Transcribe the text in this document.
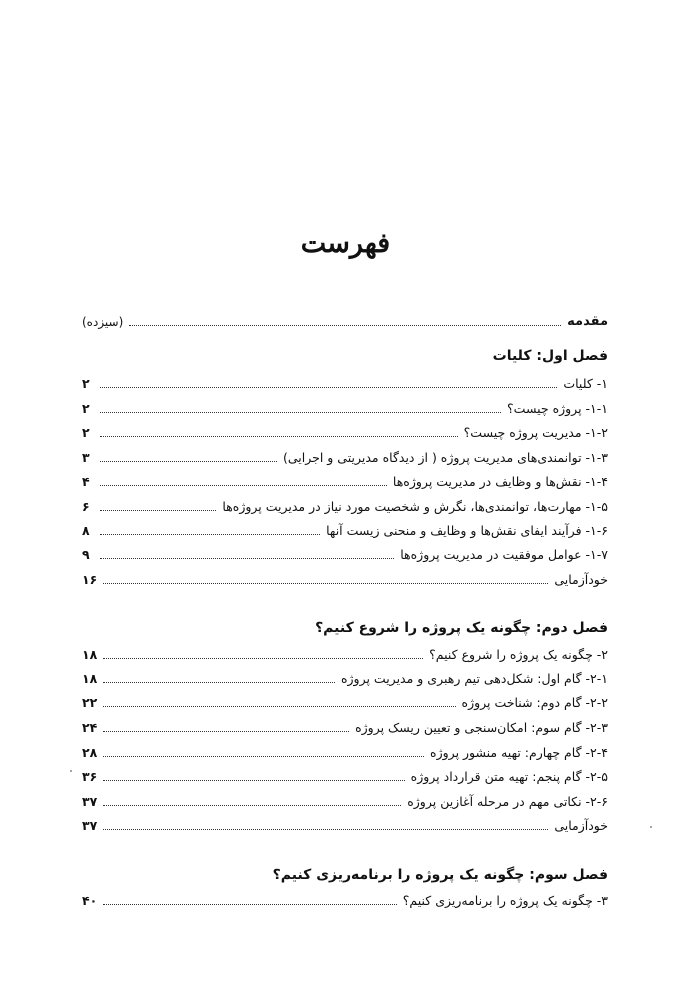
فهرست
مقدمه
(سیزده)
فصل اول: کلیات
۱- کلیات
۲
۱-۱- پروژه چیست؟
۲
۱-۲- مدیریت پروژه چیست؟
۲
۱-۳- توانمندی‌های مدیریت پروژه ( از دیدگاه مدیریتی و اجرایی)
۳
۱-۴- نقش‌ها و وظایف در مدیریت پروژه‌ها
۴
۱-۵- مهارت‌ها، توانمندی‌ها، نگرش و شخصیت مورد نیاز در مدیریت پروژه‌ها
۶
۱-۶- فرآیند ایفای نقش‌ها و وظایف و منحنی زیست آنها
۸
۱-۷- عوامل موفقیت در مدیریت پروژه‌ها
۹
خودآزمایی
۱۶
فصل دوم: چگونه یک پروژه را شروع کنیم؟
۲- چگونه یک پروژه را شروع کنیم؟
۱۸
۲-۱- گام اول: شکل‌دهی تیم رهبری و مدیریت پروژه
۱۸
۲-۲- گام دوم: شناخت پروژه
۲۲
۲-۳- گام سوم: امکان‌سنجی و تعیین ریسک پروژه
۲۴
۲-۴- گام چهارم: تهیه منشور پروژه
۲۸
۲-۵- گام پنجم: تهیه متن قرارداد پروژه
۳۶
۲-۶- نکاتی مهم در مرحله آغازین پروژه
۳۷
خودآزمایی
۳۷
فصل سوم: چگونه یک پروژه را برنامه‌ریزی کنیم؟
۳- چگونه یک پروژه را برنامه‌ریزی کنیم؟
۴۰
